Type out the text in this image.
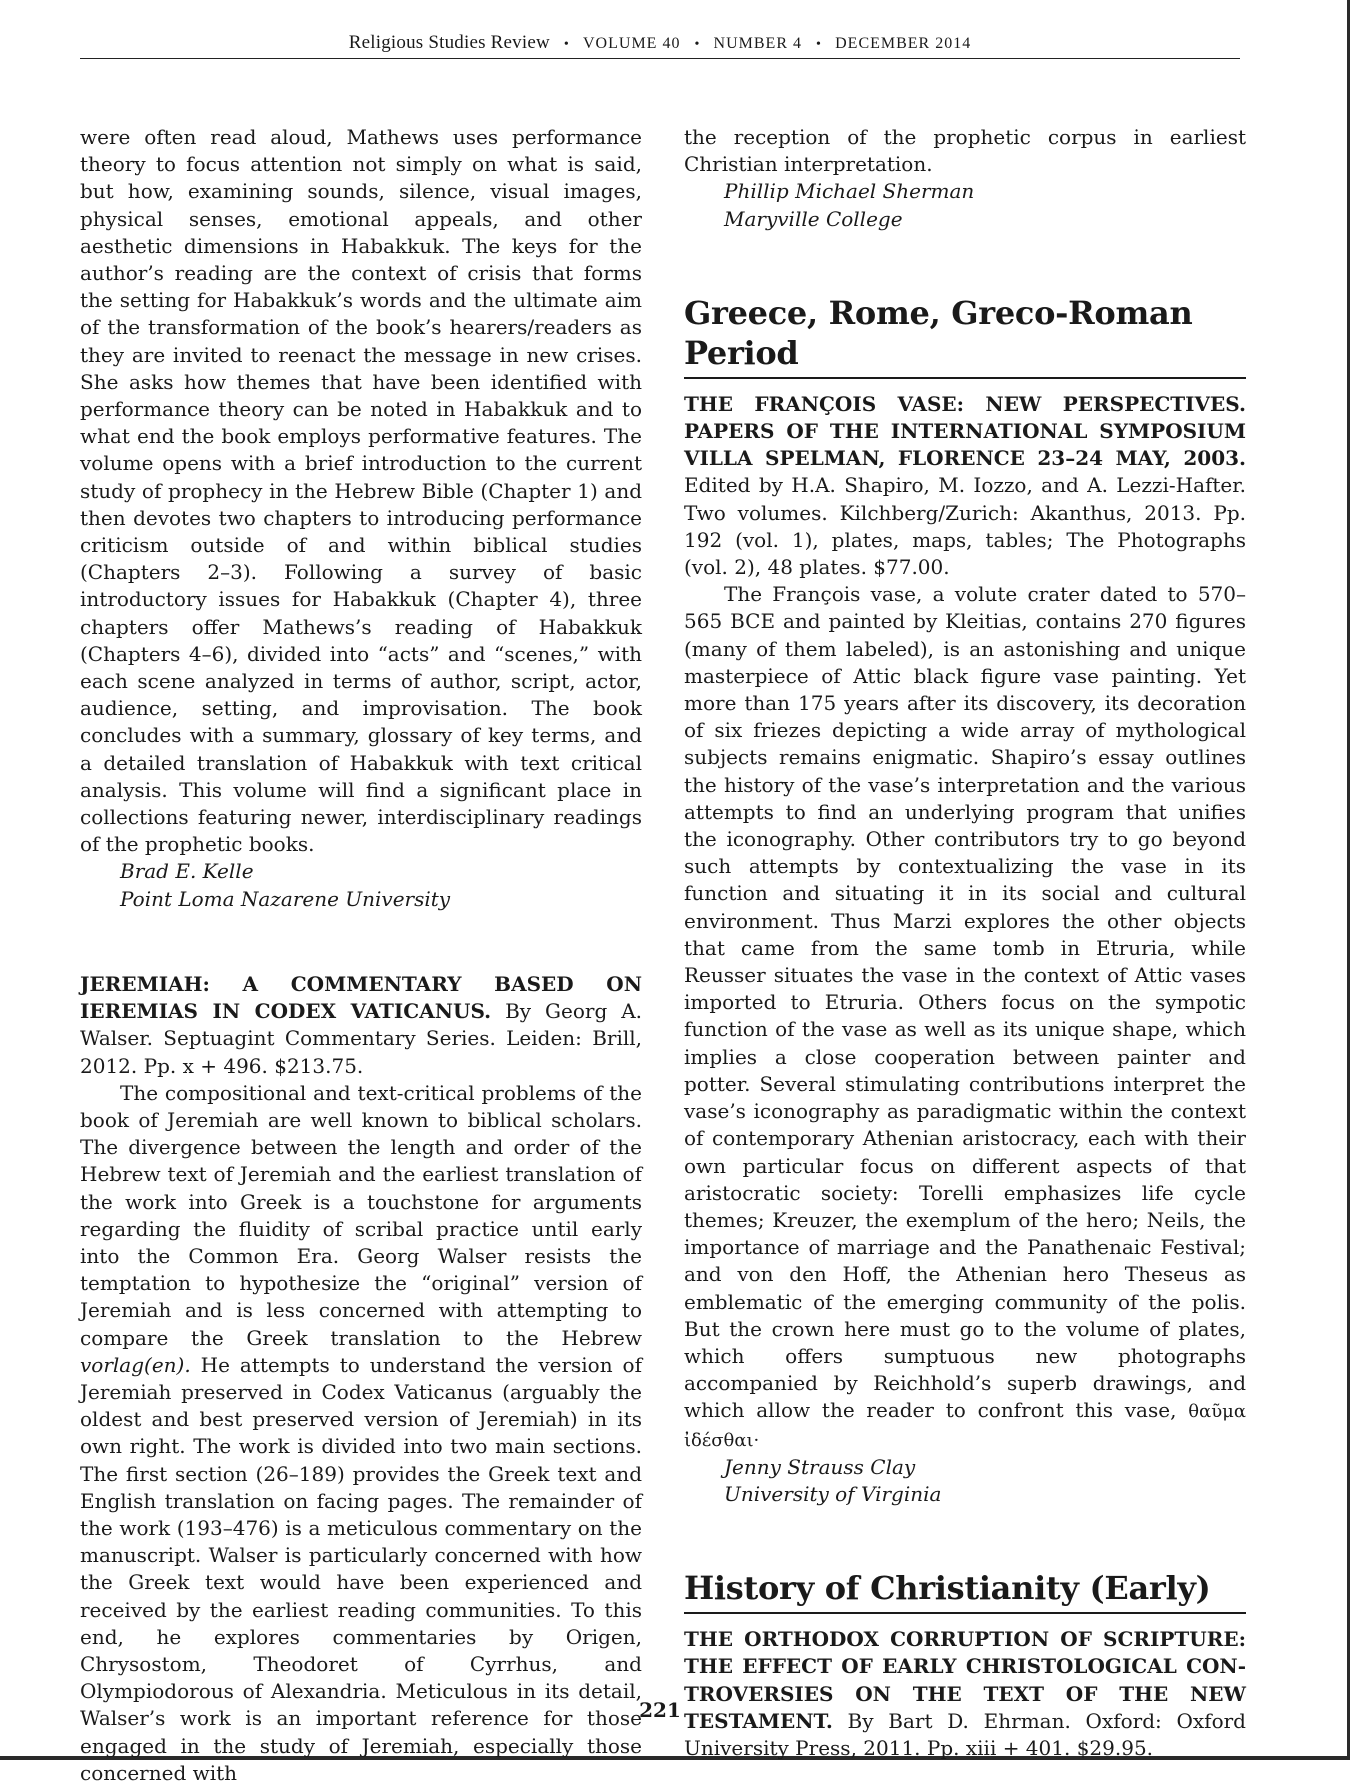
Religious Studies Review • VOLUME 40 • NUMBER 4 • DECEMBER 2014

were often read aloud, Mathews uses performance theory to focus attention not simply on what is said, but how, examining sounds, silence, visual images, physical senses, emotional appeals, and other aesthetic dimensions in Habakkuk. The keys for the author’s reading are the context of crisis that forms the setting for Habakkuk’s words and the ultimate aim of the transformation of the book’s hearers/readers as they are invited to reenact the message in new crises. She asks how themes that have been identified with performance theory can be noted in Habakkuk and to what end the book employs performative features. The volume opens with a brief introduction to the current study of prophecy in the Hebrew Bible (Chapter 1) and then devotes two chapters to introducing performance criticism outside of and within biblical studies (Chapters 2–3). Following a survey of basic introductory issues for Habakkuk (Chapter 4), three chapters offer Mathews’s reading of Habakkuk (Chapters 4–6), divided into “acts” and “scenes,” with each scene analyzed in terms of author, script, actor, audience, setting, and improvisation. The book concludes with a summary, glossary of key terms, and a detailed translation of Habakkuk with text critical analysis. This volume will find a significant place in collections featuring newer, interdisciplinary readings of the prophetic books.

Brad E. Kelle
Point Loma Nazarene University

JEREMIAH: A COMMENTARY BASED ON IEREMIAS IN CODEX VATICANUS. By Georg A. Walser. Septuagint Commentary Series. Leiden: Brill, 2012. Pp. x + 496. $213.75.

The compositional and text-critical problems of the book of Jeremiah are well known to biblical scholars. The divergence between the length and order of the Hebrew text of Jeremiah and the earliest translation of the work into Greek is a touchstone for arguments regarding the fluidity of scribal practice until early into the Common Era. Georg Walser resists the temptation to hypothesize the “original” version of Jeremiah and is less concerned with attempting to compare the Greek translation to the Hebrew vorlag(en). He attempts to understand the version of Jeremiah preserved in Codex Vaticanus (arguably the oldest and best preserved version of Jeremiah) in its own right. The work is divided into two main sections. The first section (26–189) provides the Greek text and English translation on facing pages. The remainder of the work (193–476) is a meticulous commentary on the manuscript. Walser is particularly concerned with how the Greek text would have been experienced and received by the earliest reading communities. To this end, he explores commentaries by Origen, Chrysostom, Theodoret of Cyrrhus, and Olympiodorous of Alexandria. Meticulous in its detail, Walser’s work is an important reference for those engaged in the study of Jeremiah, especially those concerned with

the reception of the prophetic corpus in earliest Christian interpretation.

Phillip Michael Sherman
Maryville College
Greece, Rome, Greco-Roman Period

THE FRANÇOIS VASE: NEW PERSPECTIVES. PAPERS OF THE INTERNATIONAL SYMPOSIUM VILLA SPELMAN, FLORENCE 23–24 MAY, 2003. Edited by H.A. Shapiro, M. Iozzo, and A. Lezzi-Hafter. Two volumes. Kilchberg/Zurich: Akanthus, 2013. Pp. 192 (vol. 1), plates, maps, tables; The Photographs (vol. 2), 48 plates. $77.00.

The François vase, a volute crater dated to 570–565 BCE and painted by Kleitias, contains 270 figures (many of them labeled), is an astonishing and unique masterpiece of Attic black figure vase painting. Yet more than 175 years after its discovery, its decoration of six friezes depicting a wide array of mythological subjects remains enigmatic. Shapiro’s essay outlines the history of the vase’s interpretation and the various attempts to find an underlying program that unifies the iconography. Other contributors try to go beyond such attempts by contextualizing the vase in its function and situating it in its social and cultural environment. Thus Marzi explores the other objects that came from the same tomb in Etruria, while Reusser situates the vase in the context of Attic vases imported to Etruria. Others focus on the sympotic function of the vase as well as its unique shape, which implies a close cooperation between painter and potter. Several stimulating contributions interpret the vase’s iconography as paradigmatic within the context of contemporary Athenian aristocracy, each with their own particular focus on different aspects of that aristocratic society: Torelli emphasizes life cycle themes; Kreuzer, the exemplum of the hero; Neils, the importance of marriage and the Panathenaic Festival; and von den Hoff, the Athenian hero Theseus as emblematic of the emerging community of the polis. But the crown here must go to the volume of plates, which offers sumptuous new photographs accompanied by Reichhold’s superb drawings, and which allow the reader to confront this vase, θαῦμα ἰδέσθαι·

Jenny Strauss Clay
University of Virginia
History of Christianity (Early)

THE ORTHODOX CORRUPTION OF SCRIPTURE: THE EFFECT OF EARLY CHRISTOLOGICAL CONTROVERSIES ON THE TEXT OF THE NEW TESTAMENT. By Bart D. Ehrman. Oxford: Oxford University Press, 2011. Pp. xiii + 401. $29.95.

221
